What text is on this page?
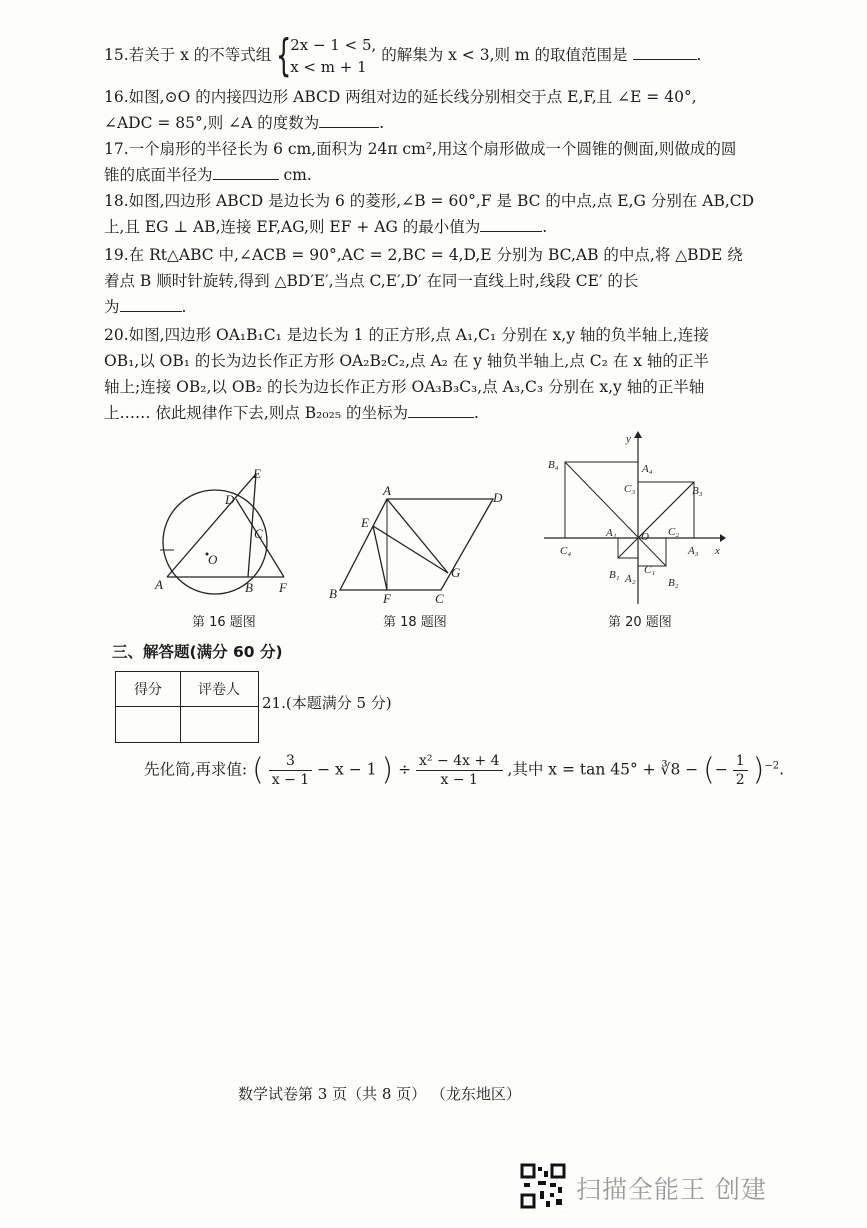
15.若关于 x 的不等式组 {
2x − 1 < 5,
x < m + 1
的解集为 x < 3,则 m 的取值范围是	.
16.如图,⊙O 的内接四边形 ABCD 两组对边的延长线分别相交于点 E,F,且 ∠E = 40°,
∠ADC = 85°,则 ∠A 的度数为	.
17.一个扇形的半径长为 6 cm,面积为 24π cm²,用这个扇形做成一个圆锥的侧面,则做成的圆
锥的底面半径为	cm.
18.如图,四边形 ABCD 是边长为 6 的菱形,∠B = 60°,F 是 BC 的中点,点 E,G 分别在 AB,CD
上,且 EG ⊥ AB,连接 EF,AG,则 EF + AG 的最小值为	.
19.在 Rt△ABC 中,∠ACB = 90°,AC = 2,BC = 4,D,E 分别为 BC,AB 的中点,将 △BDE 绕
着点 B 顺时针旋转,得到 △BD′E′,当点 C,E′,D′ 在同一直线上时,线段 CE′ 的长
为	.
20.如图,四边形 OA₁B₁C₁ 是边长为 1 的正方形,点 A₁,C₁ 分别在 x,y 轴的负半轴上,连接
OB₁,以 OB₁ 的长为边长作正方形 OA₂B₂C₂,点 A₂ 在 y 轴负半轴上,点 C₂ 在 x 轴的正半
轴上;连接 OB₂,以 OB₂ 的长为边长作正方形 OA₃B₃C₃,点 A₃,C₃ 分别在 x,y 轴的正半轴
上…… 依此规律作下去,则点 B₂₀₂₅ 的坐标为	.
E
D
C
O
A	B F
第 16 题图
A	D
E
G
B	F	C
第 18 题图
y
B₄	A₄
C₃	B₃
A₁ O C₂
C₄	A₃ x
B₁ A₂
C₁
B₂
第 20 题图
三、解答题(满分 60 分)
得分	评卷人
21.(本题满分 5 分)
先化简,再求值: ( $\frac{3}{x - 1} - x - 1$ ) ÷ $\frac{\text{x² − 4x + 4}}{x - 1}$ ,其中 x = tan 45° + ∛8 − (− $\frac{1}{2} )^{-2}$.
数学试卷第 3 页（共 8 页） （龙东地区）
扫描全能王 创建
